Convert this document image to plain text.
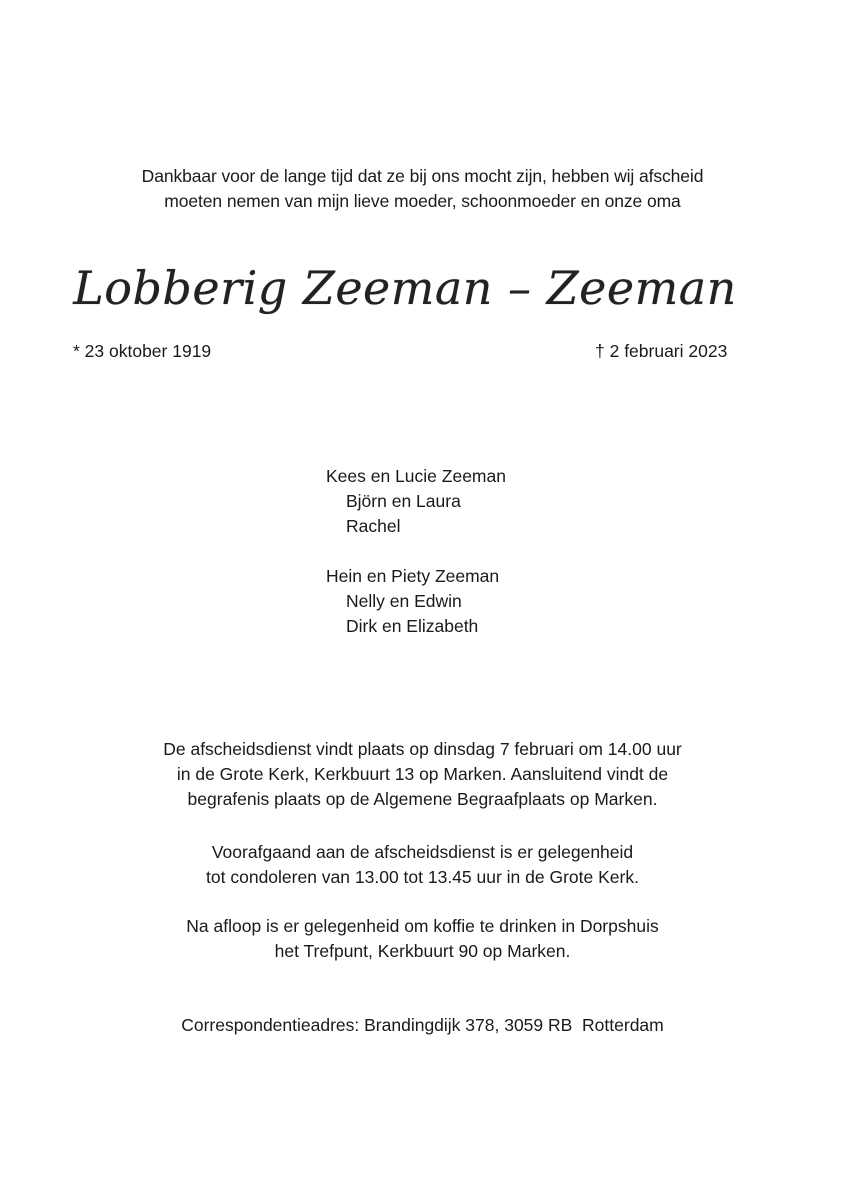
Dankbaar voor de lange tijd dat ze bij ons mocht zijn, hebben wij afscheid
moeten nemen van mijn lieve moeder, schoonmoeder en onze oma
Lobberig Zeeman – Zeeman
* 23 oktober 1919	† 2 februari 2023
Kees en Lucie Zeeman
Björn en Laura
Rachel
Hein en Piety Zeeman
Nelly en Edwin
Dirk en Elizabeth
De afscheidsdienst vindt plaats op dinsdag 7 februari om 14.00 uur
in de Grote Kerk, Kerkbuurt 13 op Marken. Aansluitend vindt de
begrafenis plaats op de Algemene Begraafplaats op Marken.
Voorafgaand aan de afscheidsdienst is er gelegenheid
tot condoleren van 13.00 tot 13.45 uur in de Grote Kerk.
Na afloop is er gelegenheid om koffie te drinken in Dorpshuis
het Trefpunt, Kerkbuurt 90 op Marken.
Correspondentieadres: Brandingdijk 378, 3059 RB  Rotterdam
